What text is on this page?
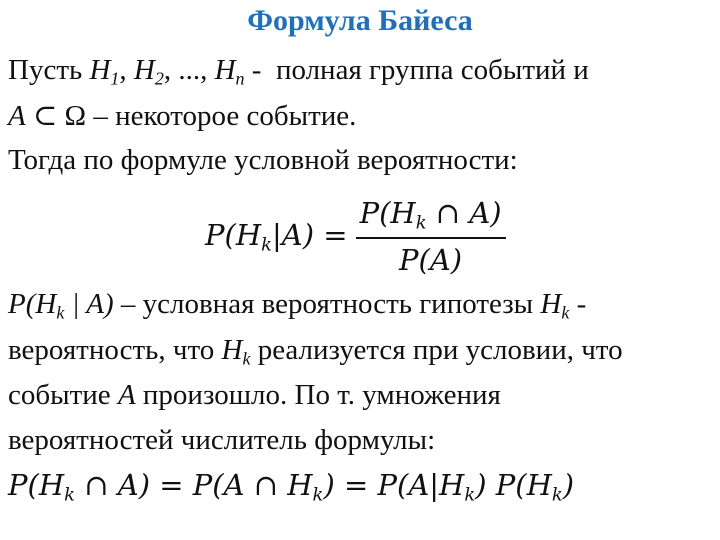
Формула Байеса
Пусть $H_1$, $H_2$, ..., $H_n$ -  полная группа событий и
A ⊂ Ω – некоторое событие.
Тогда по формуле условной вероятности:
$P(H_k|A) = \frac{P(H_k \cap A)}{P(A)}$
$P(H_k$ | A) – условная вероятность гипотезы $H_k$ -
вероятность, что $H_k$ реализуется при условии, что
событие A произошло. По т. умножения
вероятностей числитель формулы:
$P(H_k$ ∩ A) = P(A ∩ $H_k) = P(A|H_k)$ $P(H_k)$
